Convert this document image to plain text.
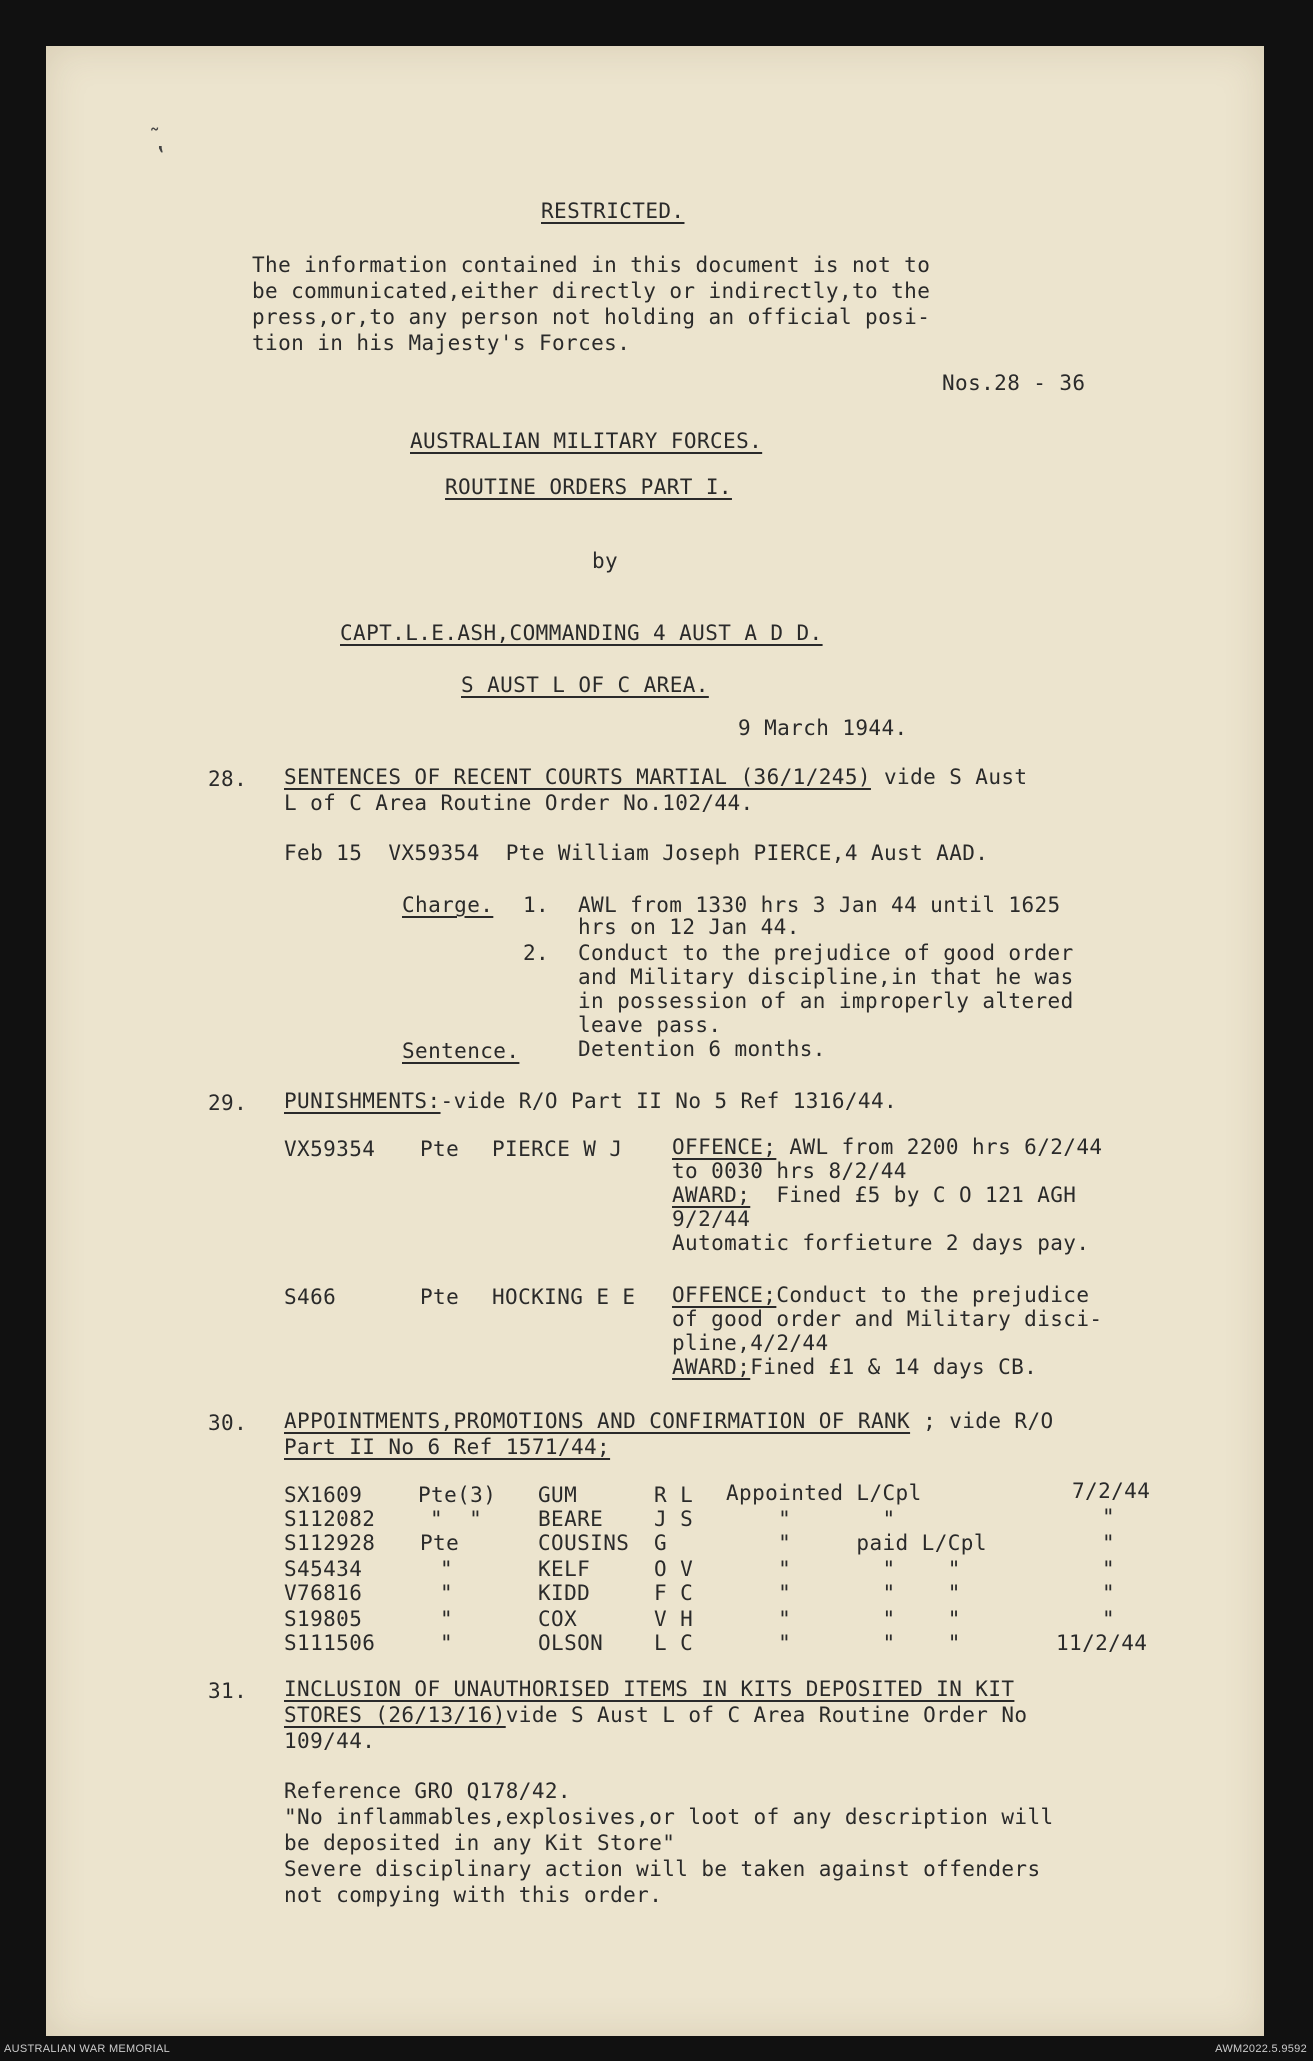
˜
‛
RESTRICTED.
The information contained in this document is not to
be communicated,either directly or indirectly,to the
press,or,to any person not holding an official posi-
tion in his Majesty's Forces.
Nos.28 - 36
AUSTRALIAN MILITARY FORCES.
ROUTINE ORDERS PART I.
by
CAPT.L.E.ASH,COMMANDING 4 AUST A D D.
S AUST L OF C AREA.
9 March 1944.
28. SENTENCES OF RECENT COURTS MARTIAL (36/1/245) vide S Aust
L of C Area Routine Order No.102/44.
Feb 15  VX59354  Pte William Joseph PIERCE,4 Aust AAD.
Charge. 1. AWL from 1330 hrs 3 Jan 44 until 1625
hrs on 12 Jan 44.
2. Conduct to the prejudice of good order
and Military discipline,in that he was
in possession of an improperly altered
leave pass.
Sentence.	Detention 6 months.
29. PUNISHMENTS:-vide R/O Part II No 5 Ref 1316/44.
VX59354 Pte PIERCE W J OFFENCE; AWL from 2200 hrs 6/2/44
to 0030 hrs 8/2/44
AWARD;  Fined £5 by C O 121 AGH
9/2/44
Automatic forfieture 2 days pay.
S466	Pte HOCKING E E OFFENCE;Conduct to the prejudice
of good order and Military disci-
pline,4/2/44
AWARD;Fined £1 & 14 days CB.
30. APPOINTMENTS,PROMOTIONS AND CONFIRMATION OF RANK ; vide R/O
Part II No 6 Ref 1571/44;
SX1609	Pte(3) GUM	R L Appointed L/Cpl	7/2/44
S112082	"  "	BEARE J S "       "	"
S112928 Pte	COUSINS G	"     paid L/Cpl	"
S45434	"	KELF	O V "       "    "	"
V76816	"	KIDD	F C "       "    "	"
S19805	"	COX	V H "       "    "	"
S111506	"	OLSON L C "       "    "	11/2/44
31. INCLUSION OF UNAUTHORISED ITEMS IN KITS DEPOSITED IN KIT
STORES (26/13/16)vide S Aust L of C Area Routine Order No
109/44.
Reference GRO Q178/42.
"No inflammables,explosives,or loot of any description will
be deposited in any Kit Store"
Severe disciplinary action will be taken against offenders
not compying with this order.
AUSTRALIAN WAR MEMORIAL	AWM2022.5.9592
